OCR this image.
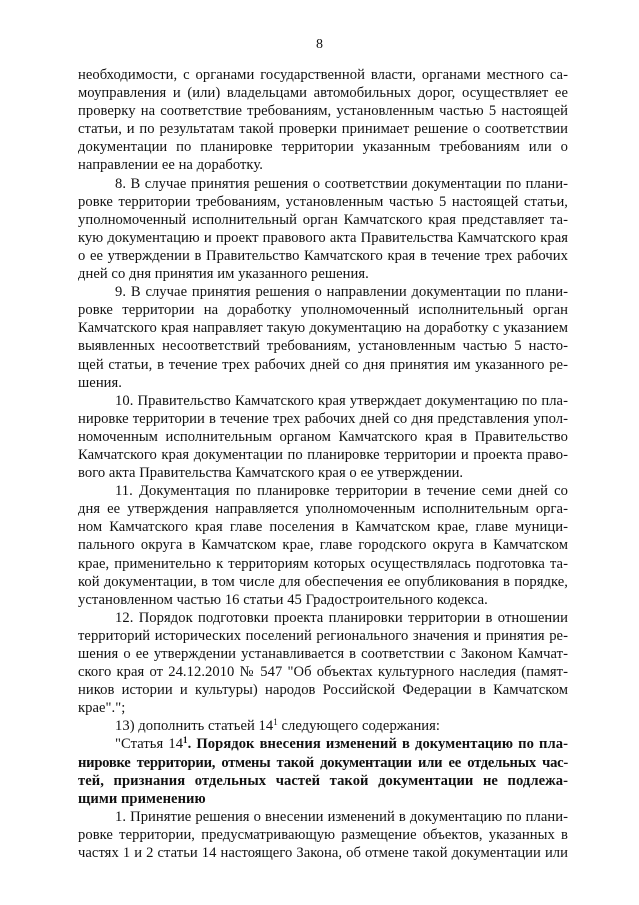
8
необходимости, с органами государственной власти, органами местного са-
моуправления и (или) владельцами автомобильных дорог, осуществляет ее
проверку на соответствие требованиям, установленным частью 5 настоящей
статьи, и по результатам такой проверки принимает решение о соответствии
документации по планировке территории указанным требованиям или о
направлении ее на доработку.
8. В случае принятия решения о соответствии документации по плани-
ровке территории требованиям, установленным частью 5 настоящей статьи,
уполномоченный исполнительный орган Камчатского края представляет та-
кую документацию и проект правового акта Правительства Камчатского края
о ее утверждении в Правительство Камчатского края в течение трех рабочих
дней со дня принятия им указанного решения.
9. В случае принятия решения о направлении документации по плани-
ровке территории на доработку уполномоченный исполнительный орган
Камчатского края направляет такую документацию на доработку с указанием
выявленных несоответствий требованиям, установленным частью 5 насто-
щей статьи, в течение трех рабочих дней со дня принятия им указанного ре-
шения.
10. Правительство Камчатского края утверждает документацию по пла-
нировке территории в течение трех рабочих дней со дня представления упол-
номоченным исполнительным органом Камчатского края в Правительство
Камчатского края документации по планировке территории и проекта право-
вого акта Правительства Камчатского края о ее утверждении.
11. Документация по планировке территории в течение семи дней со
дня ее утверждения направляется уполномоченным исполнительным орга-
ном Камчатского края главе поселения в Камчатском крае, главе муници-
пального округа в Камчатском крае, главе городского округа в Камчатском
крае, применительно к территориям которых осуществлялась подготовка та-
кой документации, в том числе для обеспечения ее опубликования в порядке,
установленном частью 16 статьи 45 Градостроительного кодекса.
12. Порядок подготовки проекта планировки территории в отношении
территорий исторических поселений регионального значения и принятия ре-
шения о ее утверждении устанавливается в соответствии с Законом Камчат-
ского края от 24.12.2010 № 547 "Об объектах культурного наследия (памят-
ников истории и культуры) народов Российской Федерации в Камчатском
крае".";
13) дополнить статьей $14^1$ следующего содержания:
"Статья $14^1$. Порядок внесения изменений в документацию по пла-
нировке территории, отмены такой документации или ее отдельных час-
тей, признания отдельных частей такой документации не подлежа-
щими применению
1. Принятие решения о внесении изменений в документацию по плани-
ровке территории, предусматривающую размещение объектов, указанных в
частях 1 и 2 статьи 14 настоящего Закона, об отмене такой документации или
